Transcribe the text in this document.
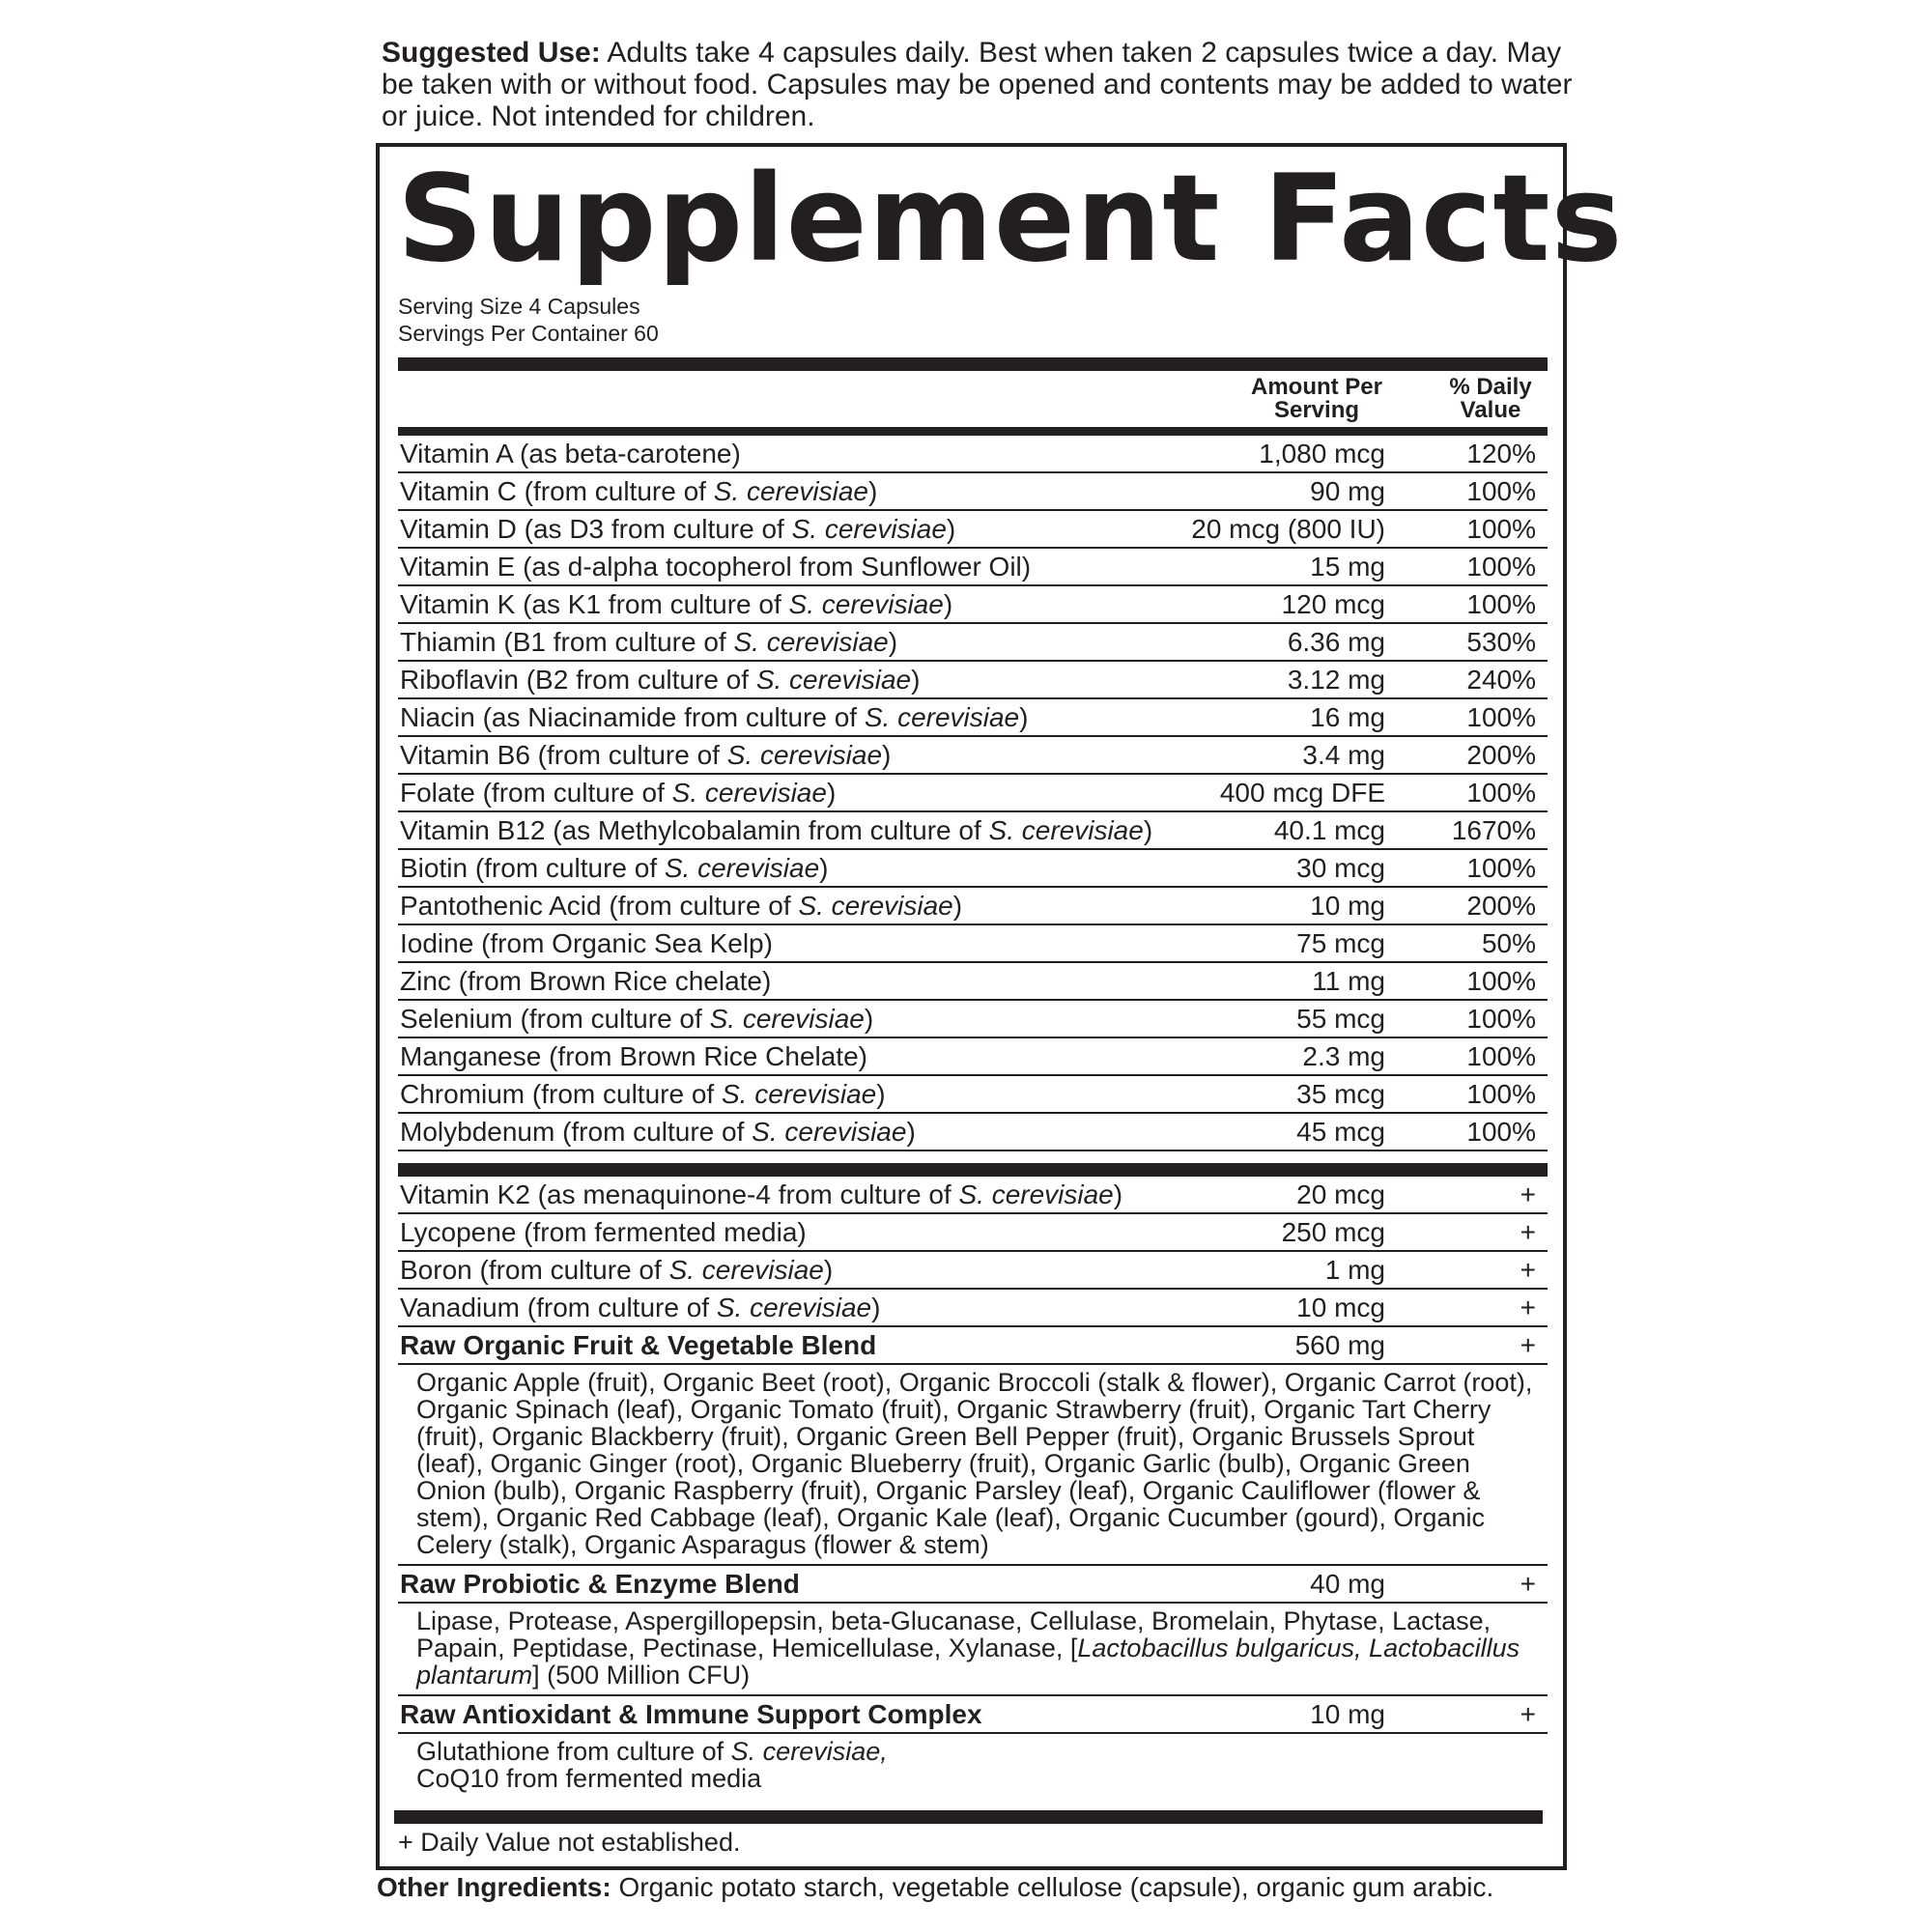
Suggested Use: Adults take 4 capsules daily. Best when taken 2 capsules twice a day. May be taken with or without food. Capsules may be opened and contents may be added to water or juice. Not intended for children.
Supplement Facts
Serving Size 4 Capsules
Servings Per Container 60
Amount Per Serving
% Daily Value
Vitamin A (as beta-carotene)	1,080 mcg	120%
Vitamin C (from culture of S. cerevisiae)	90 mg	100%
Vitamin D (as D3 from culture of S. cerevisiae)	20 mcg (800 IU)	100%
Vitamin E (as d-alpha tocopherol from Sunflower Oil)	15 mg	100%
Vitamin K (as K1 from culture of S. cerevisiae)	120 mcg	100%
Thiamin (B1 from culture of S. cerevisiae)	6.36 mg	530%
Riboflavin (B2 from culture of S. cerevisiae)	3.12 mg	240%
Niacin (as Niacinamide from culture of S. cerevisiae)	16 mg	100%
Vitamin B6 (from culture of S. cerevisiae)	3.4 mg	200%
Folate (from culture of S. cerevisiae)	400 mcg DFE	100%
Vitamin B12 (as Methylcobalamin from culture of S. cerevisiae)	40.1 mcg 1670%
Biotin (from culture of S. cerevisiae)	30 mcg	100%
Pantothenic Acid (from culture of S. cerevisiae)	10 mg	200%
Iodine (from Organic Sea Kelp)	75 mcg	50%
Zinc (from Brown Rice chelate)	11 mg	100%
Selenium (from culture of S. cerevisiae)	55 mcg	100%
Manganese (from Brown Rice Chelate)	2.3 mg	100%
Chromium (from culture of S. cerevisiae)	35 mcg	100%
Molybdenum (from culture of S. cerevisiae)	45 mcg	100%
Vitamin K2 (as menaquinone-4 from culture of S. cerevisiae)	20 mcg	+
Lycopene (from fermented media)	250 mcg	+
Boron (from culture of S. cerevisiae)	1 mg	+
Vanadium (from culture of S. cerevisiae)	10 mcg	+
Raw Organic Fruit & Vegetable Blend	560 mg	+
Organic Apple (fruit), Organic Beet (root), Organic Broccoli (stalk & flower), Organic Carrot (root), Organic Spinach (leaf), Organic Tomato (fruit), Organic Strawberry (fruit), Organic Tart Cherry (fruit), Organic Blackberry (fruit), Organic Green Bell Pepper (fruit), Organic Brussels Sprout (leaf), Organic Ginger (root), Organic Blueberry (fruit), Organic Garlic (bulb), Organic Green Onion (bulb), Organic Raspberry (fruit), Organic Parsley (leaf), Organic Cauliflower (flower & stem), Organic Red Cabbage (leaf), Organic Kale (leaf), Organic Cucumber (gourd), Organic Celery (stalk), Organic Asparagus (flower & stem)
Raw Probiotic & Enzyme Blend	40 mg	+
Lipase, Protease, Aspergillopepsin, beta-Glucanase, Cellulase, Bromelain, Phytase, Lactase, Papain, Peptidase, Pectinase, Hemicellulase, Xylanase, [Lactobacillus bulgaricus, Lactobacillus plantarum] (500 Million CFU)
Raw Antioxidant & Immune Support Complex	10 mg	+
Glutathione from culture of S. cerevisiae,
CoQ10 from fermented media
+ Daily Value not established.
Other Ingredients: Organic potato starch, vegetable cellulose (capsule), organic gum arabic.
